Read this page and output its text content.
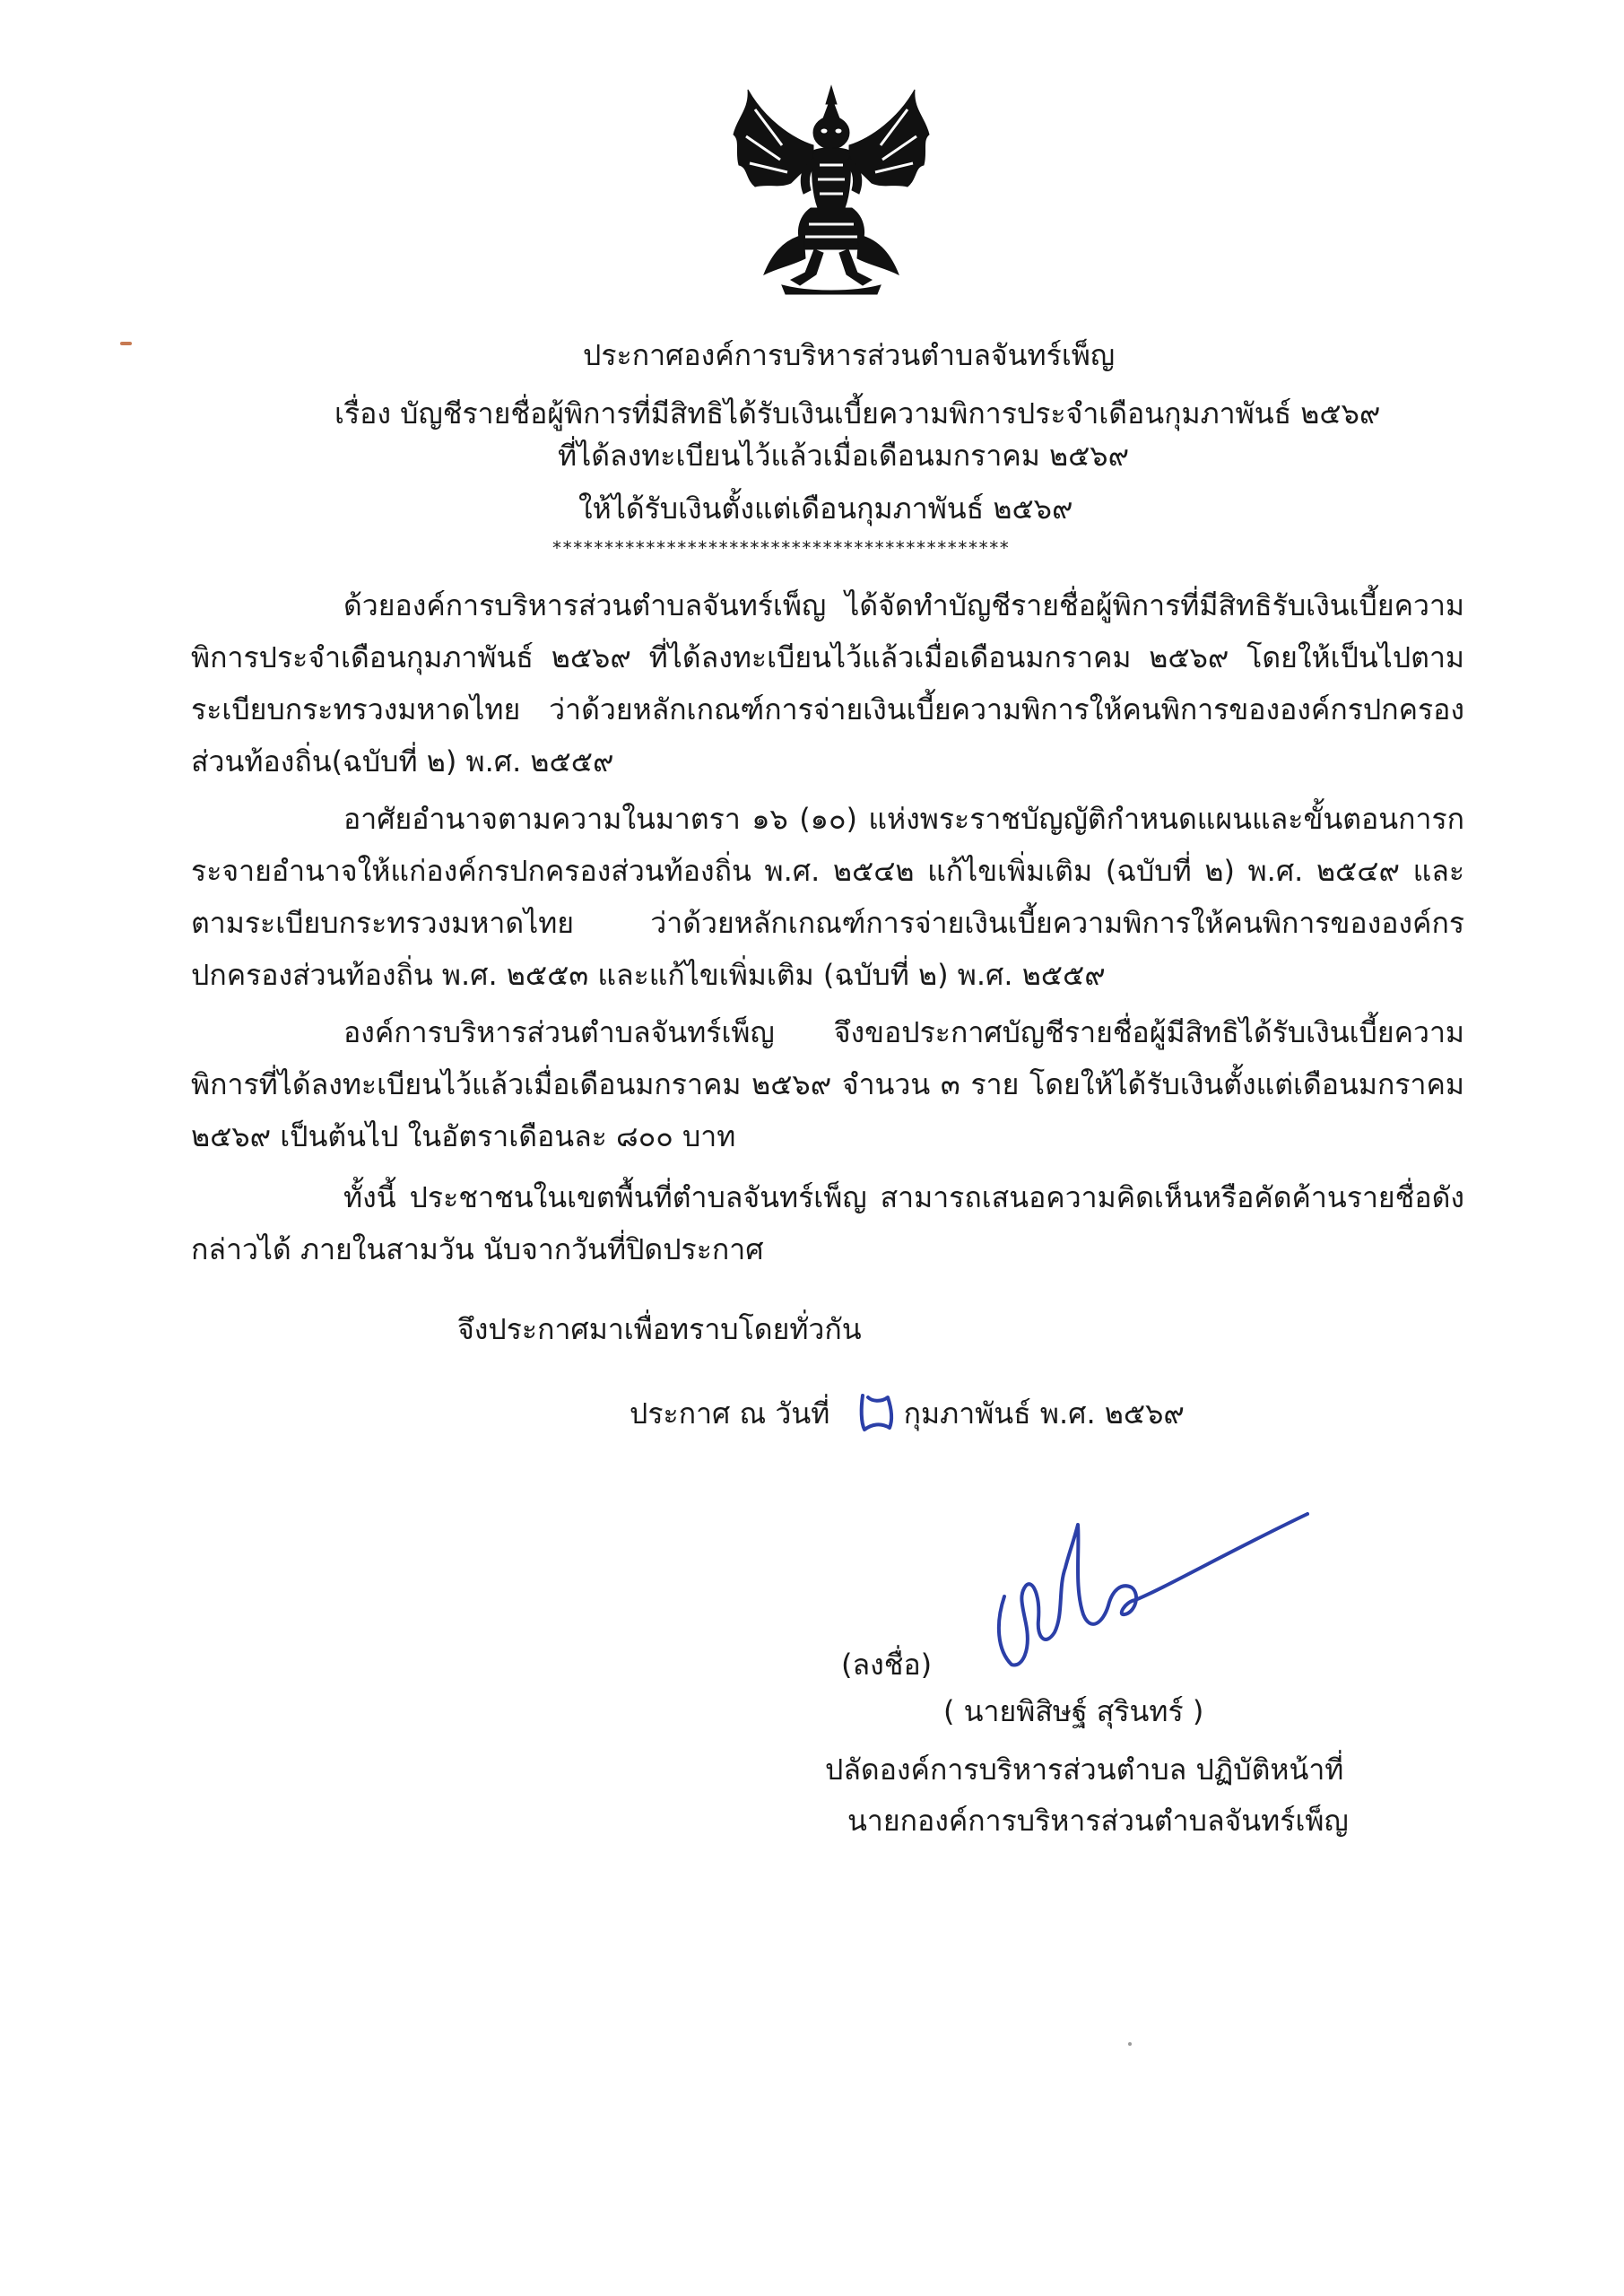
ประกาศองค์การบริหารส่วนตำบลจันทร์เพ็ญ
เรื่อง บัญชีรายชื่อผู้พิการที่มีสิทธิได้รับเงินเบี้ยความพิการประจำเดือนกุมภาพันธ์ ๒๕๖๙
ที่ได้ลงทะเบียนไว้แล้วเมื่อเดือนมกราคม ๒๕๖๙
ให้ได้รับเงินตั้งแต่เดือนกุมภาพันธ์ ๒๕๖๙
********************************************
ด้วยองค์การบริหารส่วนตำบลจันทร์เพ็ญ ได้จัดทำบัญชีรายชื่อผู้พิการที่มีสิทธิรับเงินเบี้ยความพิการประจำเดือนกุมภาพันธ์ ๒๕๖๙ ที่ได้ลงทะเบียนไว้แล้วเมื่อเดือนมกราคม ๒๕๖๙ โดยให้เป็นไปตามระเบียบกระทรวงมหาดไทย ว่าด้วยหลักเกณฑ์การจ่ายเงินเบี้ยความพิการให้คนพิการขององค์กรปกครองส่วนท้องถิ่น(ฉบับที่ ๒) พ.ศ. ๒๕๕๙
อาศัยอำนาจตามความในมาตรา ๑๖ (๑๐) แห่งพระราชบัญญัติกำหนดแผนและขั้นตอนการกระจายอำนาจให้แก่องค์กรปกครองส่วนท้องถิ่น พ.ศ. ๒๕๔๒ แก้ไขเพิ่มเติม (ฉบับที่ ๒) พ.ศ. ๒๕๔๙ และตามระเบียบกระทรวงมหาดไทย ว่าด้วยหลักเกณฑ์การจ่ายเงินเบี้ยความพิการให้คนพิการขององค์กรปกครองส่วนท้องถิ่น พ.ศ. ๒๕๕๓ และแก้ไขเพิ่มเติม (ฉบับที่ ๒) พ.ศ. ๒๕๕๙
องค์การบริหารส่วนตำบลจันทร์เพ็ญ จึงขอประกาศบัญชีรายชื่อผู้มีสิทธิได้รับเงินเบี้ยความพิการที่ได้ลงทะเบียนไว้แล้วเมื่อเดือนมกราคม ๒๕๖๙ จำนวน ๓ ราย โดยให้ได้รับเงินตั้งแต่เดือนมกราคม ๒๕๖๙ เป็นต้นไป ในอัตราเดือนละ ๘๐๐ บาท
ทั้งนี้ ประชาชนในเขตพื้นที่ตำบลจันทร์เพ็ญ สามารถเสนอความคิดเห็นหรือคัดค้านรายชื่อดังกล่าวได้ ภายในสามวัน นับจากวันที่ปิดประกาศ
จึงประกาศมาเพื่อทราบโดยทั่วกัน
ประกาศ ณ วันที่	กุมภาพันธ์ พ.ศ. ๒๕๖๙
(ลงชื่อ)
( นายพิสิษฐ์ สุรินทร์ )
ปลัดองค์การบริหารส่วนตำบล ปฏิบัติหน้าที่
นายกองค์การบริหารส่วนตำบลจันทร์เพ็ญ
